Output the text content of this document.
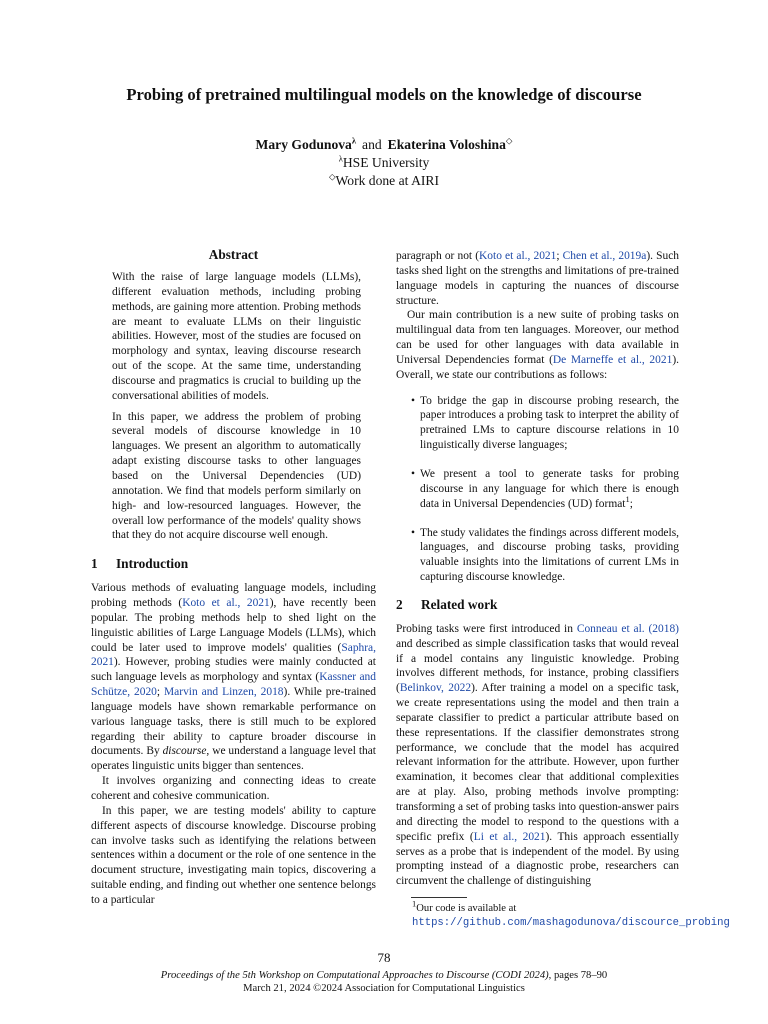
Probing of pretrained multilingual models on the knowledge of discourse
Mary Godunova$^\lambda$ and Ekaterina Voloshina◇
$^\lambda$HSE University
◇Work done at AIRI
Abstract

With the raise of large language models (LLMs), different evaluation methods, including probing methods, are gaining more attention. Probing methods are meant to evaluate LLMs on their linguistic abilities. However, most of the studies are focused on morphology and syntax, leaving discourse research out of the scope. At the same time, understanding discourse and pragmatics is crucial to building up the conversational abilities of models.

In this paper, we address the problem of probing several models of discourse knowledge in 10 languages. We present an algorithm to automatically adapt existing discourse tasks to other languages based on the Universal Dependencies (UD) annotation. We find that models perform similarly on high- and low-resourced languages. However, the overall low performance of the models' quality shows that they do not acquire discourse well enough.

1 Introduction

Various methods of evaluating language models, including probing methods (Koto et al., 2021), have recently been popular. The probing methods help to shed light on the linguistic abilities of Large Language Models (LLMs), which could be later used to improve models' qualities (Saphra, 2021). However, probing studies were mainly conducted at such language levels as morphology and syntax (Kassner and Schütze, 2020; Marvin and Linzen, 2018). While pre-trained language models have shown remarkable performance on various language tasks, there is still much to be explored regarding their ability to capture broader discourse in documents. By discourse, we understand a language level that operates linguistic units bigger than sentences.

It involves organizing and connecting ideas to create coherent and cohesive communication.

In this paper, we are testing models' ability to capture different aspects of discourse knowledge. Discourse probing can involve tasks such as identifying the relations between sentences within a document or the role of one sentence in the document structure, investigating main topics, discovering a suitable ending, and finding out whether one sentence belongs to a particular

paragraph or not (Koto et al., 2021; Chen et al., 2019a). Such tasks shed light on the strengths and limitations of pre-trained language models in capturing the nuances of discourse structure.

Our main contribution is a new suite of probing tasks on multilingual data from ten languages. Moreover, our method can be used for other languages with data available in Universal Dependencies format (De Marneffe et al., 2021). Overall, we state our contributions as follows:

• To bridge the gap in discourse probing research, the paper introduces a probing task to interpret the ability of pretrained LMs to capture discourse relations in 10 linguistically diverse languages;
• We present a tool to generate tasks for probing discourse in any language for which there is enough data in Universal Dependencies (UD) format$^1$;
• The study validates the findings across different models, languages, and discourse probing tasks, providing valuable insights into the limitations of current LMs in capturing discourse knowledge.
2 Related work

Probing tasks were first introduced in Conneau et al. (2018) and described as simple classification tasks that would reveal if a model contains any linguistic knowledge. Probing involves different methods, for instance, probing classifiers (Belinkov, 2022). After training a model on a specific task, we create representations using the model and then train a separate classifier to predict a particular attribute based on these representations. If the classifier demonstrates strong performance, we conclude that the model has acquired relevant information for the attribute. However, upon further examination, it becomes clear that additional complexities are at play. Also, probing methods involve prompting: transforming a set of probing tasks into question-answer pairs and directing the model to respond to the questions with a specific prefix (Li et al., 2021). This approach essentially serves as a probe that is independent of the model. By using prompting instead of a diagnostic probe, researchers can circumvent the challenge of distinguishing

$^1$Our code is available at https://github.com/mashagodunova/discource_probing
78
Proceedings of the 5th Workshop on Computational Approaches to Discourse (CODI 2024), pages 78–90
March 21, 2024 ©2024 Association for Computational Linguistics
